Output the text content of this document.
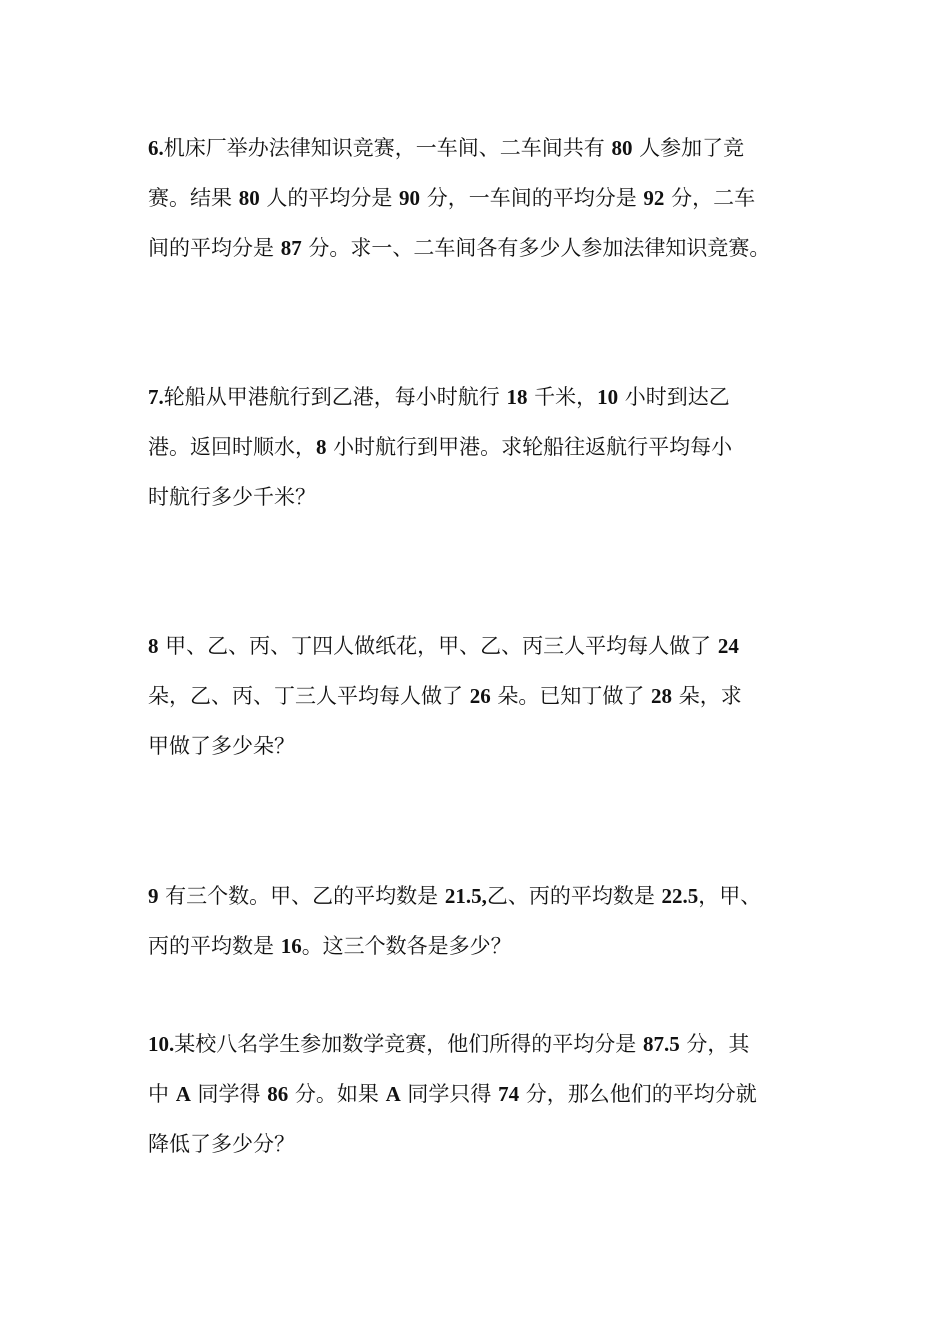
6.机床厂举办法律知识竞赛，一车间、二车间共有 80 人参加了竞
赛。结果 80 人的平均分是 90 分，一车间的平均分是 92 分，二车
间的平均分是 87 分。求一、二车间各有多少人参加法律知识竞赛。
7.轮船从甲港航行到乙港，每小时航行 18 千米，10 小时到达乙
港。返回时顺水，8 小时航行到甲港。求轮船往返航行平均每小
时航行多少千米？
8 甲、乙、丙、丁四人做纸花，甲、乙、丙三人平均每人做了 24
朵，乙、丙、丁三人平均每人做了 26 朵。已知丁做了 28 朵，求
甲做了多少朵？
9 有三个数。甲、乙的平均数是 21.5,乙、丙的平均数是 22.5，甲、
丙的平均数是 16。这三个数各是多少？
10.某校八名学生参加数学竞赛，他们所得的平均分是 87.5 分，其
中 A 同学得 86 分。如果 A 同学只得 74 分，那么他们的平均分就
降低了多少分？
